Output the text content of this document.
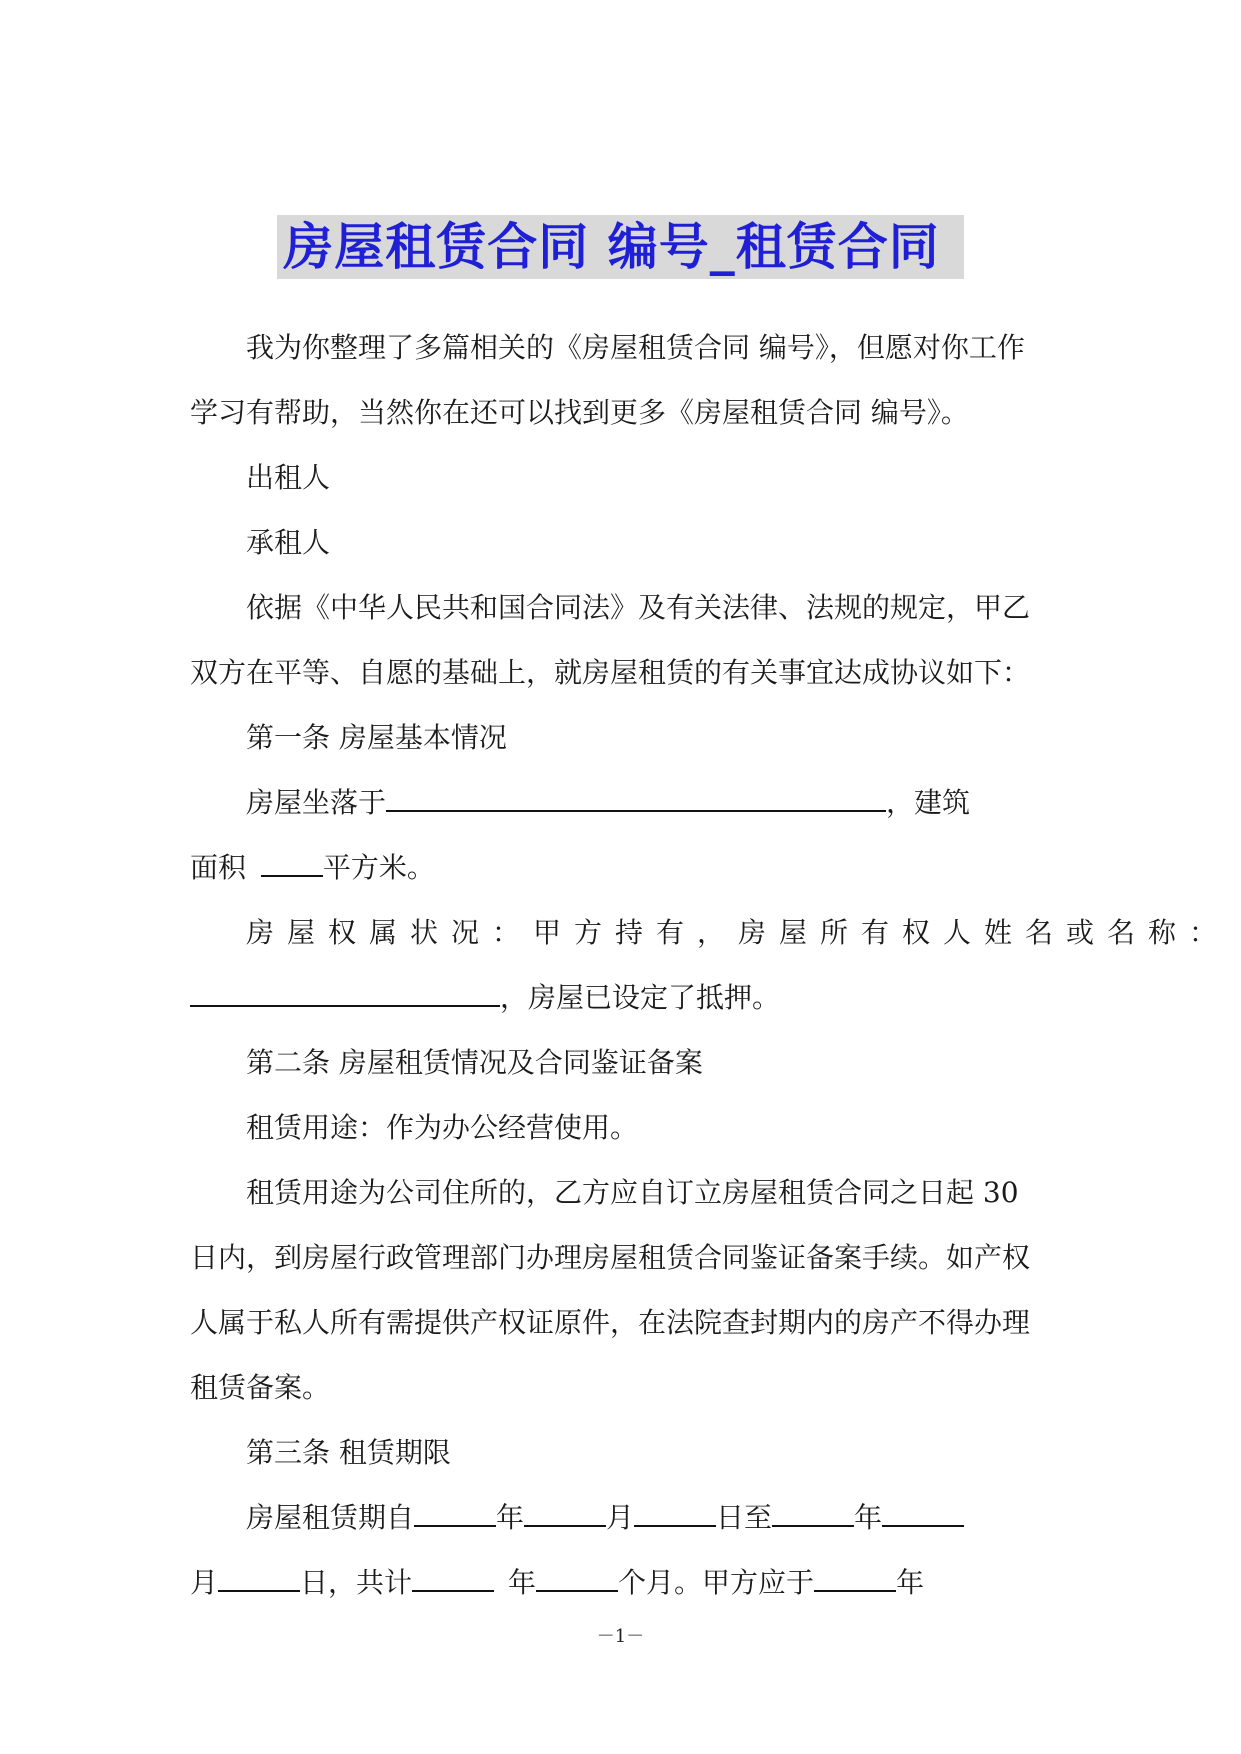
房屋租赁合同 编号_租赁合同

我为你整理了多篇相关的《房屋租赁合同 编号》，但愿对你工作

学习有帮助，当然你在还可以找到更多《房屋租赁合同 编号》。

出租人

承租人

依据《中华人民共和国合同法》及有关法律、法规的规定，甲乙

双方在平等、自愿的基础上，就房屋租赁的有关事宜达成协议如下：

第一条 房屋基本情况

房屋坐落于	，建筑

面积 平方米。

房屋权属状况：甲方持有，房屋所有权人姓名或名称：

，房屋已设定了抵押。

第二条 房屋租赁情况及合同鉴证备案

租赁用途：作为办公经营使用。

租赁用途为公司住所的，乙方应自订立房屋租赁合同之日起 30

日内，到房屋行政管理部门办理房屋租赁合同鉴证备案手续。如产权

人属于私人所有需提供产权证原件，在法院查封期内的房产不得办理

租赁备案。

第三条 租赁期限

房屋租赁期自	年	月	日至	年

月	日，共计	年	个月。甲方应于	年

－1－
